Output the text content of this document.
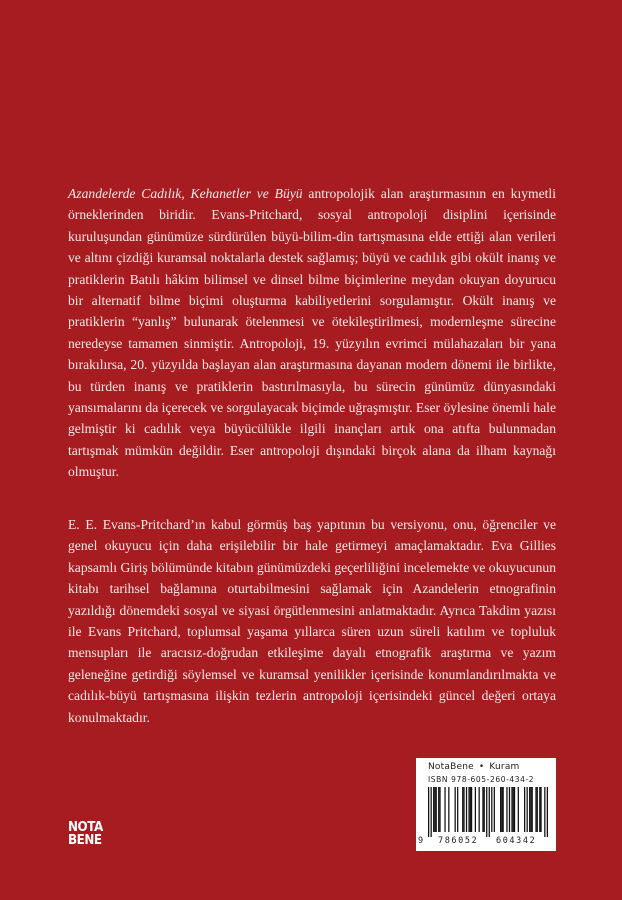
Azandelerde Cadılık, Kehanetler ve Büyü antropolojik alan araştırmasının en kıymetli örneklerinden biridir. Evans-Pritchard, sosyal antropoloji disiplini içerisinde kuruluşundan günümüze sürdürülen büyü-bilim-din tartışmasına elde ettiği alan verileri ve altını çizdiği kuramsal noktalarla destek sağlamış; büyü ve cadılık gibi okült inanış ve pratiklerin Batılı hâkim bilimsel ve dinsel bilme biçimlerine meydan okuyan doyurucu bir alternatif bilme biçimi oluşturma kabiliyetlerini sorgulamıştır. Okült inanış ve pratiklerin “yanlış” bulunarak ötelenmesi ve ötekileştirilmesi, modernleşme sürecine neredeyse tamamen sinmiştir. Antropoloji, 19. yüzyılın evrimci mülahazaları bir yana bırakılırsa, 20. yüzyılda başlayan alan araştırmasına dayanan modern dönemi ile birlikte, bu türden inanış ve pratiklerin bastırılmasıyla, bu sürecin günümüz dünyasındaki yansımalarını da içerecek ve sorgulayacak biçimde uğraşmıştır. Eser öylesine önemli hale gelmiştir ki cadılık veya büyücülükle ilgili inançları artık ona atıfta bulunmadan tartışmak mümkün değildir. Eser antropoloji dışındaki birçok alana da ilham kaynağı olmuştur.

E. E. Evans-Pritchard’ın kabul görmüş baş yapıtının bu versiyonu, onu, öğrenciler ve genel okuyucu için daha erişilebilir bir hale getirmeyi amaçlamaktadır. Eva Gillies kapsamlı Giriş bölümünde kitabın günümüzdeki geçerliliğini incelemekte ve okuyucunun kitabı tarihsel bağlamına oturtabilmesini sağlamak için Azandelerin etnografinin yazıldığı dönemdeki sosyal ve siyasi örgütlenmesini anlatmaktadır. Ayrıca Takdim yazısı ile Evans Pritchard, toplumsal yaşama yıllarca süren uzun süreli katılım ve topluluk mensupları ile aracısız-doğrudan etkileşime dayalı etnografik araştırma ve yazım geleneğine getirdiği söylemsel ve kuramsal yenilikler içerisinde konumlandırılmakta ve cadılık-büyü tartışmasına ilişkin tezlerin antropoloji içerisindeki güncel değeri ortaya konulmaktadır.

NOTA
BENE
NotaBene • Kuram
ISBN 978-605-260-434-2
9 786052 604342
